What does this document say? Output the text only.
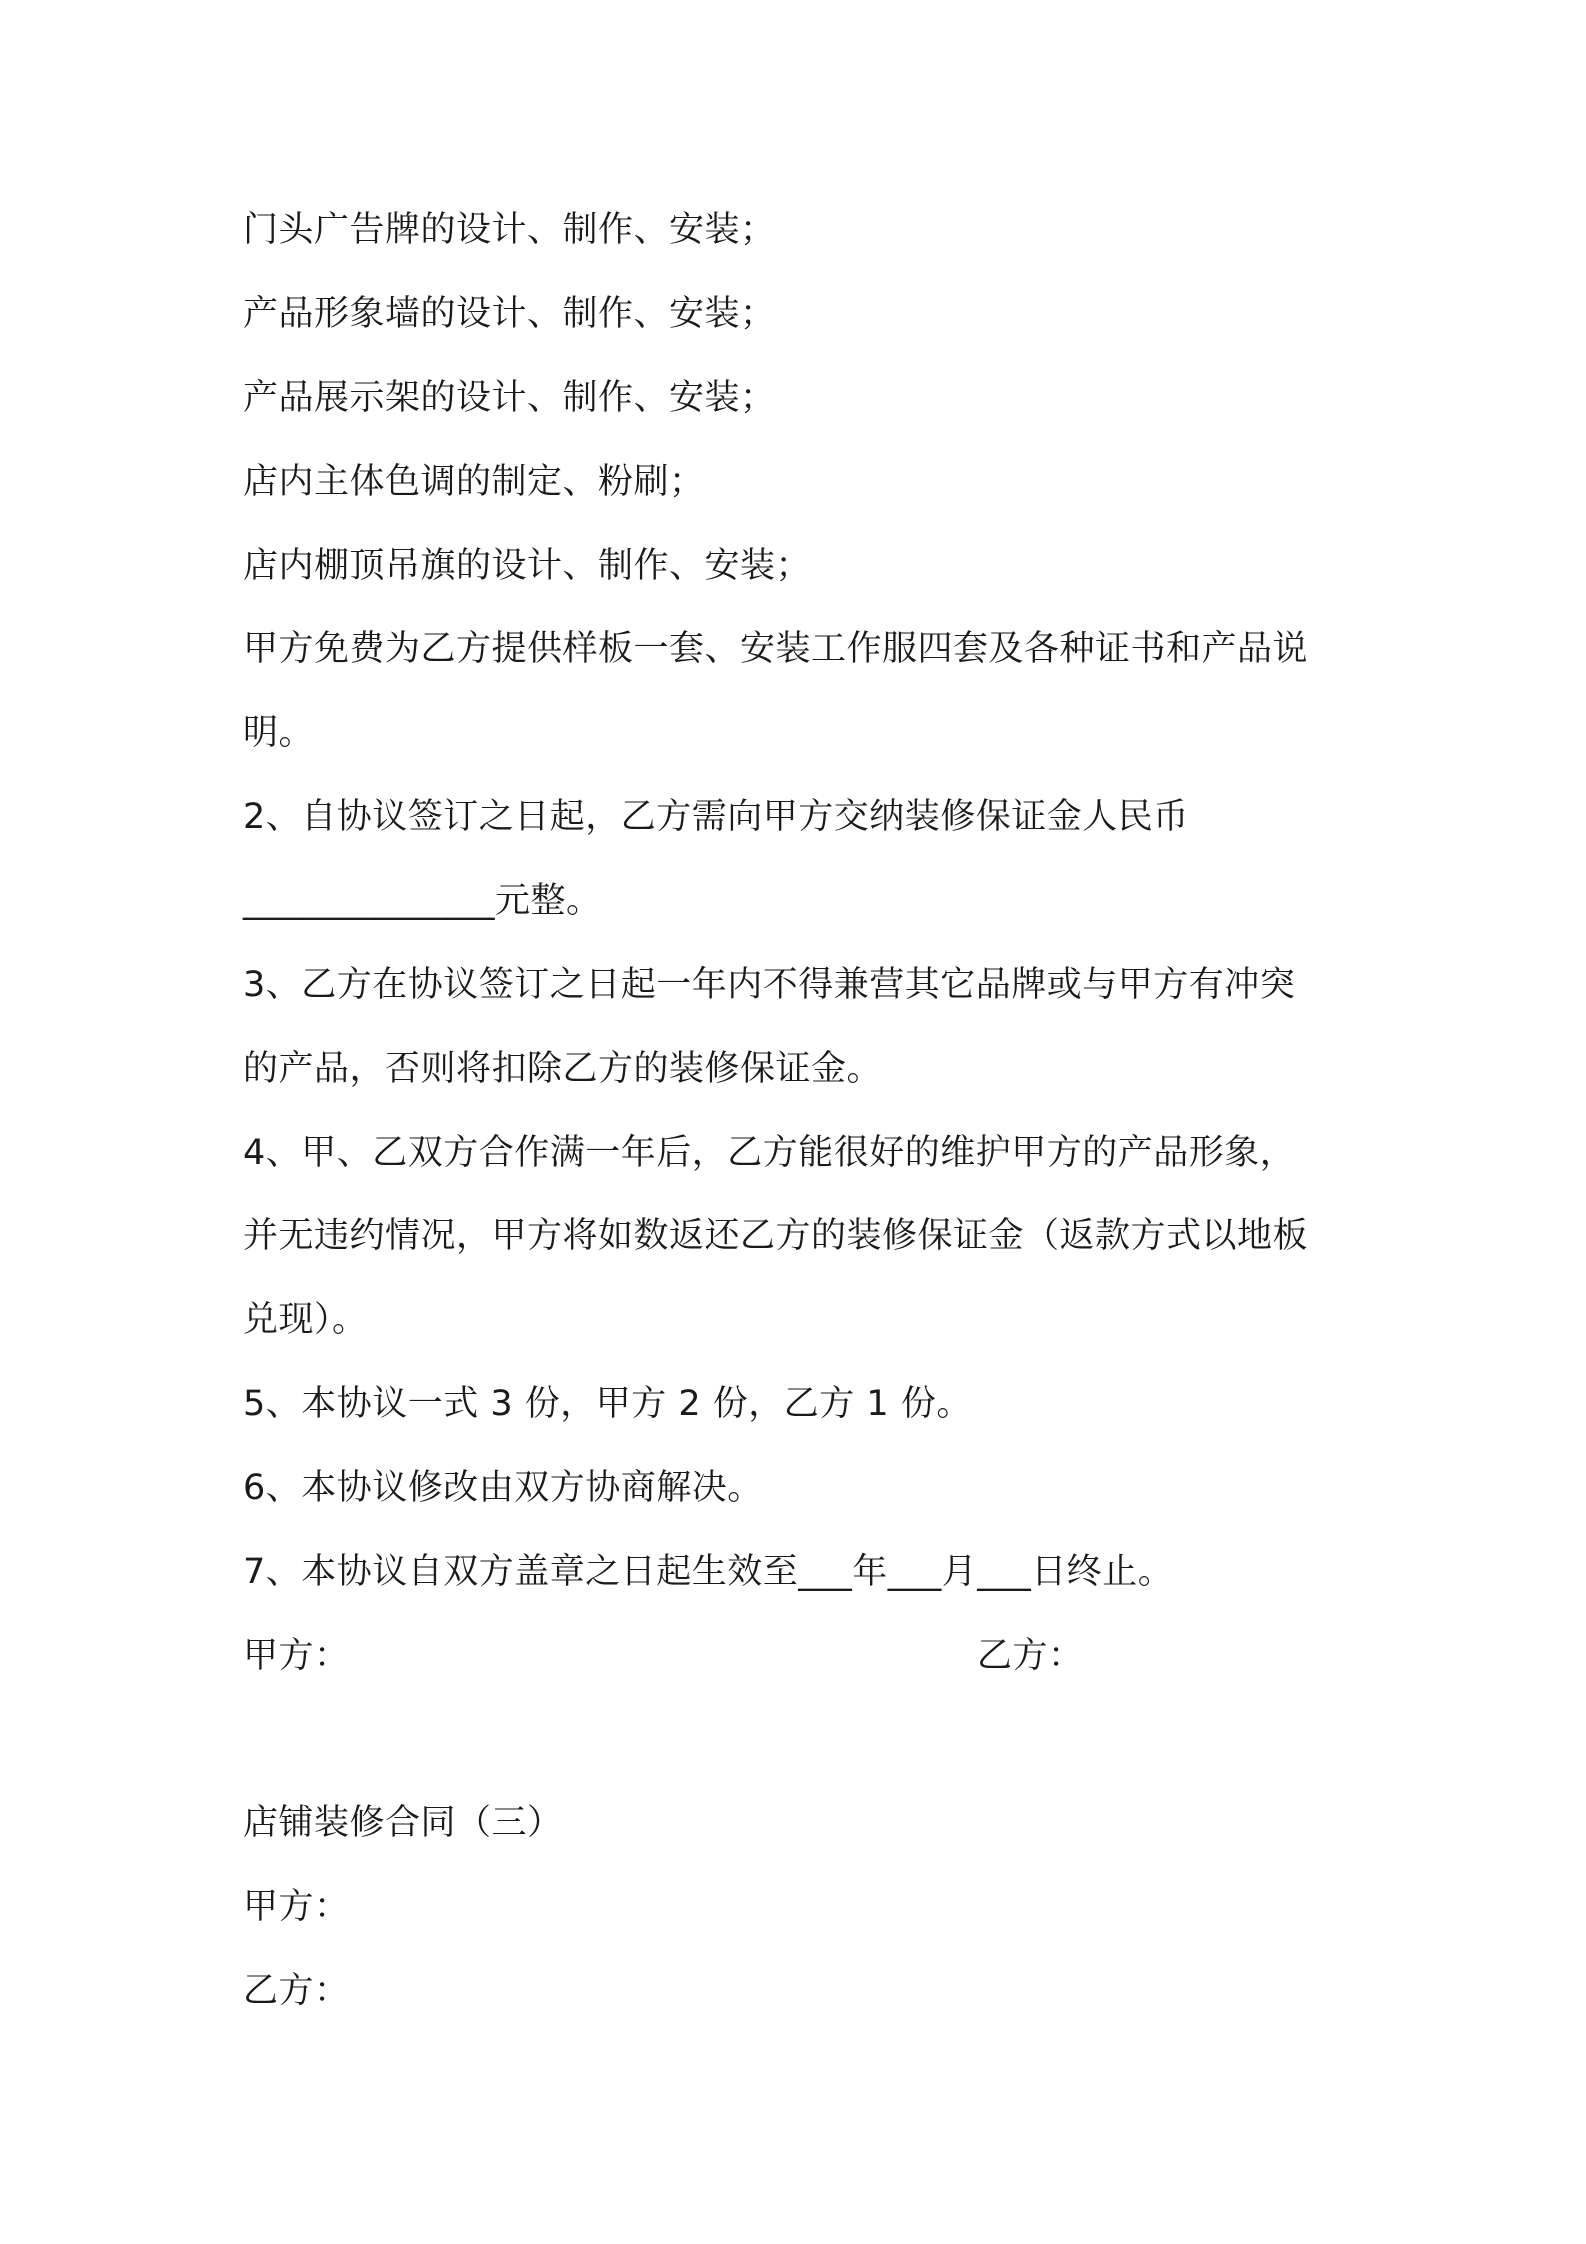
门头广告牌的设计、制作、安装；
产品形象墙的设计、制作、安装；
产品展示架的设计、制作、安装；
店内主体色调的制定、粉刷；
店内棚顶吊旗的设计、制作、安装；
甲方免费为乙方提供样板一套、安装工作服四套及各种证书和产品说
明。
2、自协议签订之日起，乙方需向甲方交纳装修保证金人民币
______________元整。
3、乙方在协议签订之日起一年内不得兼营其它品牌或与甲方有冲突
的产品，否则将扣除乙方的装修保证金。
4、甲、乙双方合作满一年后，乙方能很好的维护甲方的产品形象，
并无违约情况，甲方将如数返还乙方的装修保证金（返款方式以地板
兑现）。
5、本协议一式 3 份，甲方 2 份，乙方 1 份。
6、本协议修改由双方协商解决。
7、本协议自双方盖章之日起生效至___年___月___日终止。
甲方：	乙方：
店铺装修合同（三）
甲方：
乙方：
